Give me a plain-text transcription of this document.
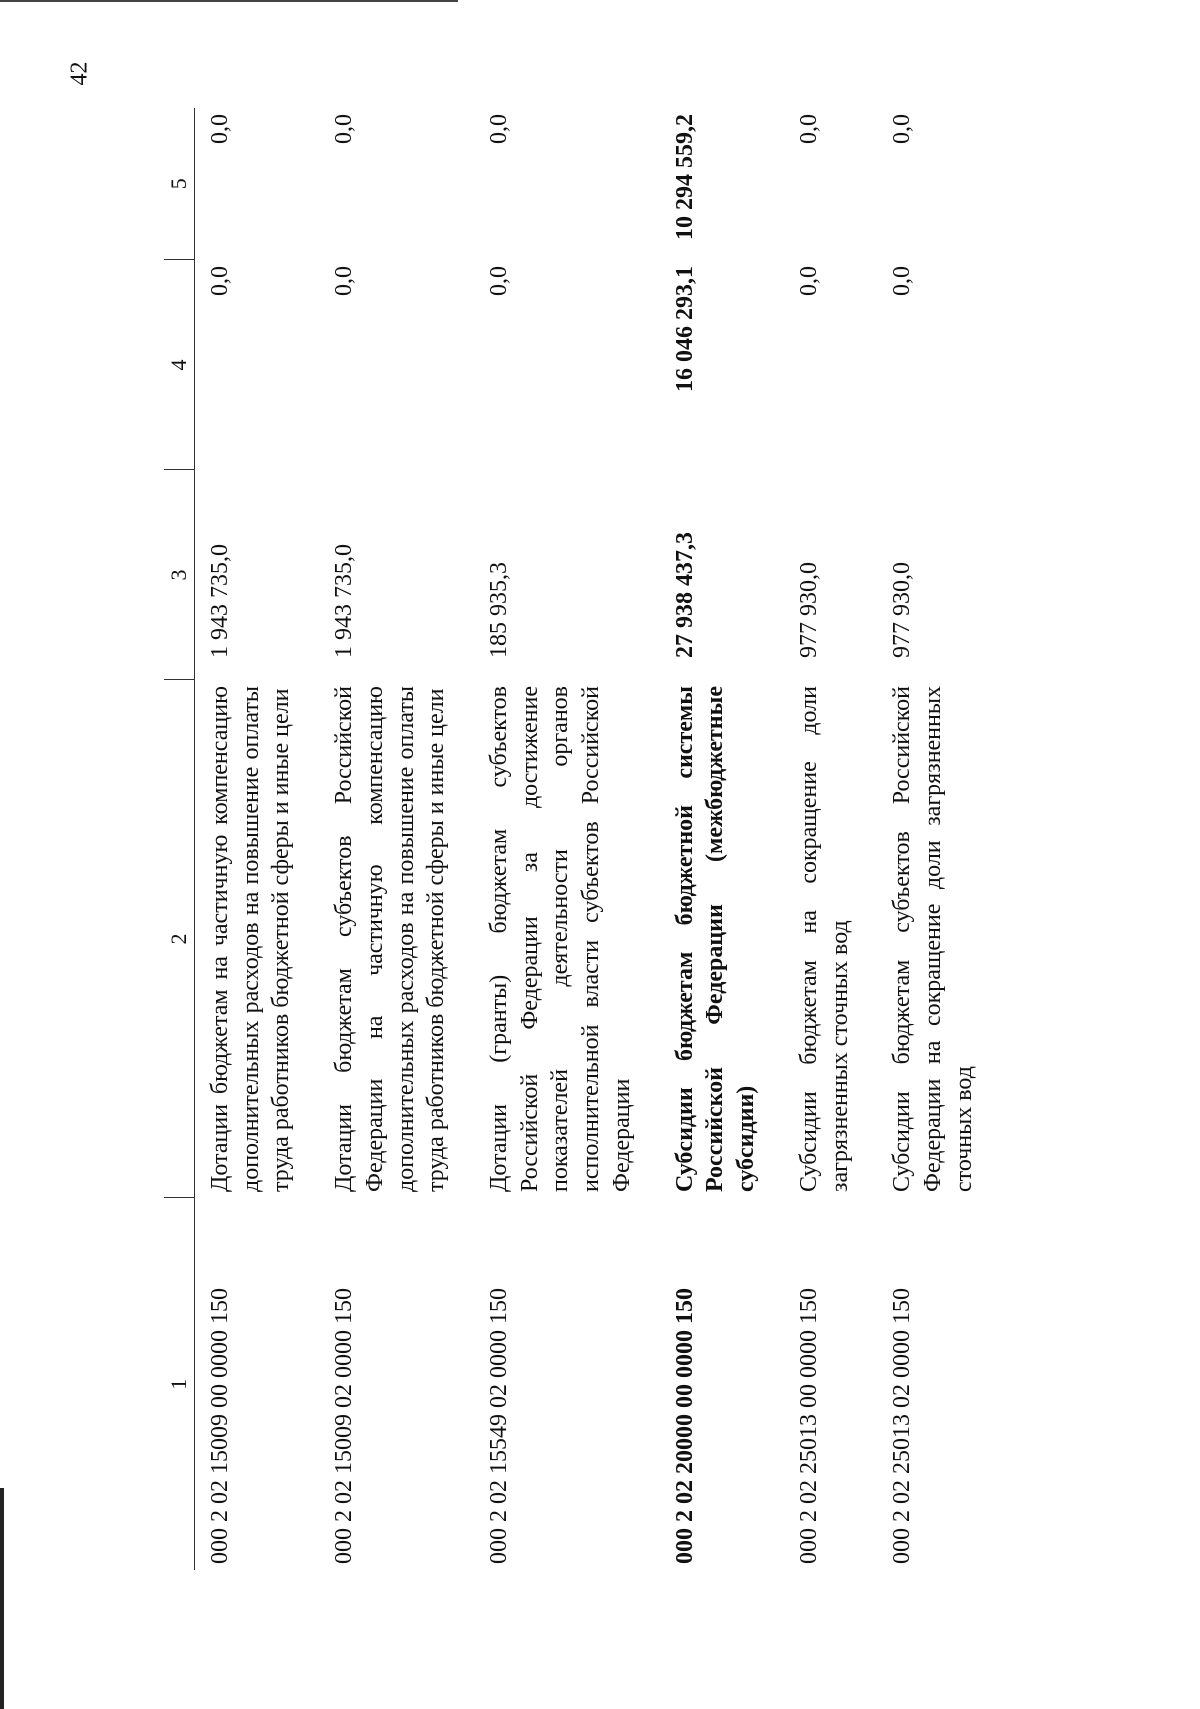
42
1	2	3	4	5
000 2 02 15009 00 0000 150	Дотации бюджетам на частичную компенсацию дополнительных расходов на повышение оплаты труда работников бюджетной сферы и иные цели	1 943 735,0	0,0	0,0
000 2 02 15009 02 0000 150	Дотации бюджетам субъектов Российской Федерации на частичную компенсацию дополнительных расходов на повышение оплаты труда работников бюджетной сферы и иные цели	1 943 735,0	0,0	0,0
000 2 02 15549 02 0000 150	Дотации (гранты) бюджетам субъектов Российской Федерации за достижение показателей деятельности органов исполнительной власти субъектов Российской Федерации	185 935,3	0,0	0,0
000 2 02 20000 00 0000 150	Субсидии бюджетам бюджетной системы Российской Федерации (межбюджетные субсидии)	27 938 437,3	16 046 293,1	10 294 559,2
000 2 02 25013 00 0000 150	Субсидии бюджетам на сокращение доли загрязненных сточных вод	977 930,0	0,0	0,0
000 2 02 25013 02 0000 150	Субсидии бюджетам субъектов Российской Федерации на сокращение доли загрязненных сточных вод	977 930,0	0,0	0,0
